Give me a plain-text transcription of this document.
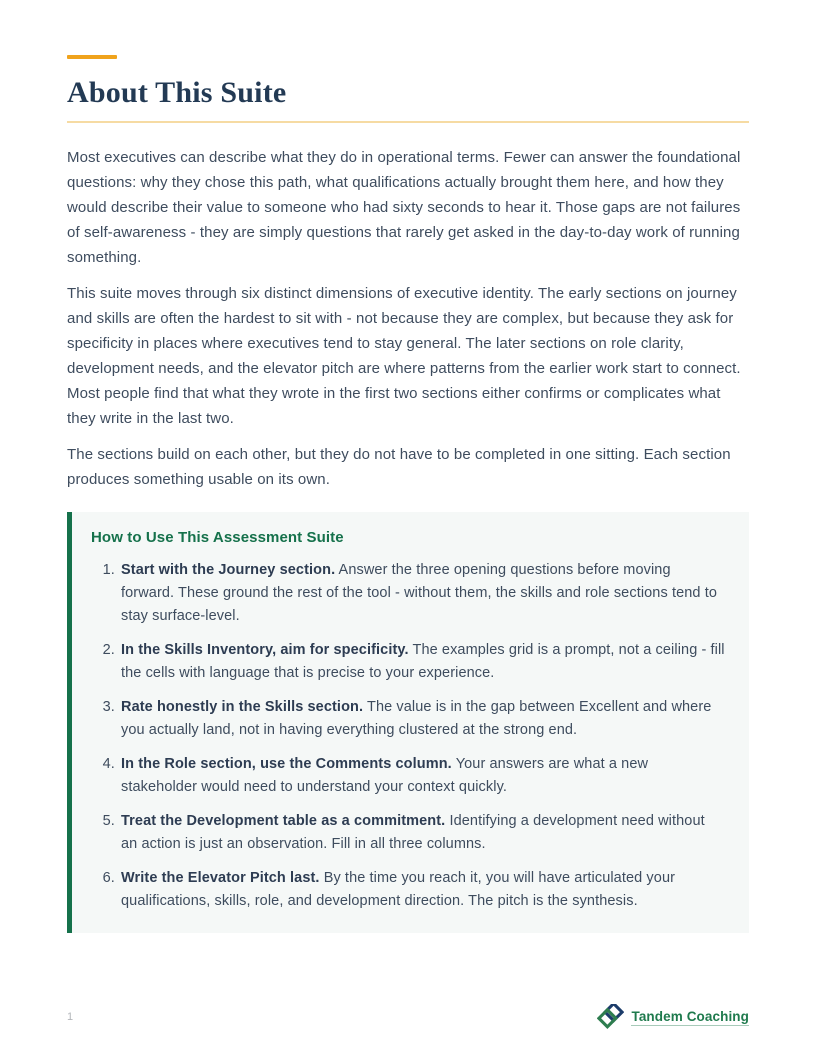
About This Suite

Most executives can describe what they do in operational terms. Fewer can answer the foundational questions: why they chose this path, what qualifications actually brought them here, and how they would describe their value to someone who had sixty seconds to hear it. Those gaps are not failures of self-awareness - they are simply questions that rarely get asked in the day-to-day work of running something.

This suite moves through six distinct dimensions of executive identity. The early sections on journey and skills are often the hardest to sit with - not because they are complex, but because they ask for specificity in places where executives tend to stay general. The later sections on role clarity, development needs, and the elevator pitch are where patterns from the earlier work start to connect. Most people find that what they wrote in the first two sections either confirms or complicates what they write in the last two.

The sections build on each other, but they do not have to be completed in one sitting. Each section produces something usable on its own.

How to Use This Assessment Suite
1. Start with the Journey section. Answer the three opening questions before moving forward. These ground the rest of the tool - without them, the skills and role sections tend to stay surface-level.
2. In the Skills Inventory, aim for specificity. The examples grid is a prompt, not a ceiling - fill the cells with language that is precise to your experience.
3. Rate honestly in the Skills section. The value is in the gap between Excellent and where you actually land, not in having everything clustered at the strong end.
4. In the Role section, use the Comments column. Your answers are what a new stakeholder would need to understand your context quickly.
5. Treat the Development table as a commitment. Identifying a development need without an action is just an observation. Fill in all three columns.
6. Write the Elevator Pitch last. By the time you reach it, you will have articulated your qualifications, skills, role, and development direction. The pitch is the synthesis.
1	Tandem Coaching
